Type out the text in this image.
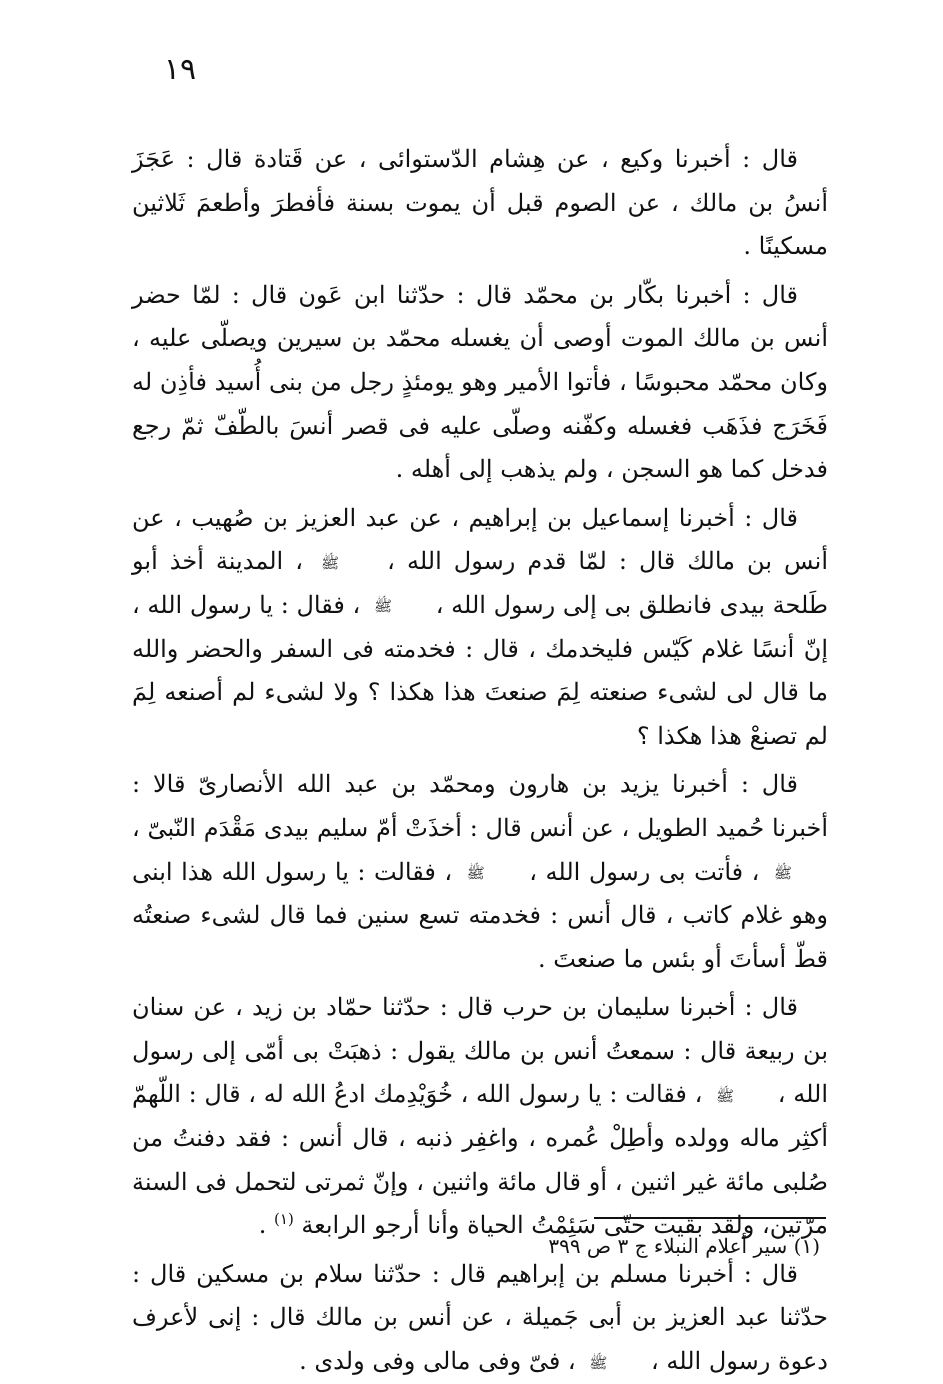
١٩

قال : أخبرنا وكيع ، عن هِشام الدّستوائى ، عن قَتادة قال : عَجَزَ أنسُ بن مالك ، عن الصوم قبل أن يموت بسنة فأفطرَ وأطعمَ ثَلاثين مسكينًا .

قال : أخبرنا بكّار بن محمّد قال : حدّثنا ابن عَون قال : لمّا حضر أنس بن مالك الموت أوصى أن يغسله محمّد بن سيرين ويصلّى عليه ، وكان محمّد محبوسًا ، فأتوا الأمير وهو يومئذٍ رجل من بنى أُسيد فأذِن له فَخَرَج فذَهَب فغسله وكفّنه وصلّى عليه فى قصر أنسَ بالطّفّ ثمّ رجع فدخل كما هو السجن ، ولم يذهب إلى أهله .

قال : أخبرنا إسماعيل بن إبراهيم ، عن عبد العزيز بن صُهيب ، عن أنس بن مالك قال : لمّا قدم رسول الله ، ﷺ ، المدينة أخذ أبو طَلحة بيدى فانطلق بى إلى رسول الله ، ﷺ ، فقال : يا رسول الله ، إنّ أنسًا غلام كَيّس فليخدمك ، قال : فخدمته فى السفر والحضر والله ما قال لى لشىء صنعته لِمَ صنعتَ هذا هكذا ؟ ولا لشىء لم أصنعه لِمَ لم تصنعْ هذا هكذا ؟

قال : أخبرنا يزيد بن هارون ومحمّد بن عبد الله الأنصارىّ قالا : أخبرنا حُميد الطويل ، عن أنس قال : أخذَتْ أمّ سليم بيدى مَقْدَم النّبىّ ، ﷺ ، فأتت بى رسول الله ، ﷺ ، فقالت : يا رسول الله هذا ابنى وهو غلام كاتب ، قال أنس : فخدمته تسع سنين فما قال لشىء صنعتُه قطّ أسأتَ أو بئس ما صنعتَ .

قال : أخبرنا سليمان بن حرب قال : حدّثنا حمّاد بن زيد ، عن سنان بن ربيعة قال : سمعتُ أنس بن مالك يقول : ذهبَتْ بى أمّى إلى رسول الله ، ﷺ ، فقالت : يا رسول الله ، خُوَيْدِمك ادعُ الله له ، قال : اللّهمّ أكثِر ماله وولده وأطِلْ عُمره ، واغفِر ذنبه ، قال أنس : فقد دفنتُ من صُلبى مائة غير اثنين ، أو قال مائة واثنين ، وإنّ ثمرتى لتحمل فى السنة مرّتين، ولقد بقيت حتّى سَئِمْتُ الحياة وأنا أرجو الرابعة $^{(١)}$ .

قال : أخبرنا مسلم بن إبراهيم قال : حدّثنا سلام بن مسكين قال : حدّثنا عبد العزيز بن أبى جَميلة ، عن أنس بن مالك قال : إنى لأعرف دعوة رسول الله ، ﷺ ، فىّ وفى مالى وفى ولدى .

(١) سير أعلام النبلاء ج ٣ ص ٣٩٩
